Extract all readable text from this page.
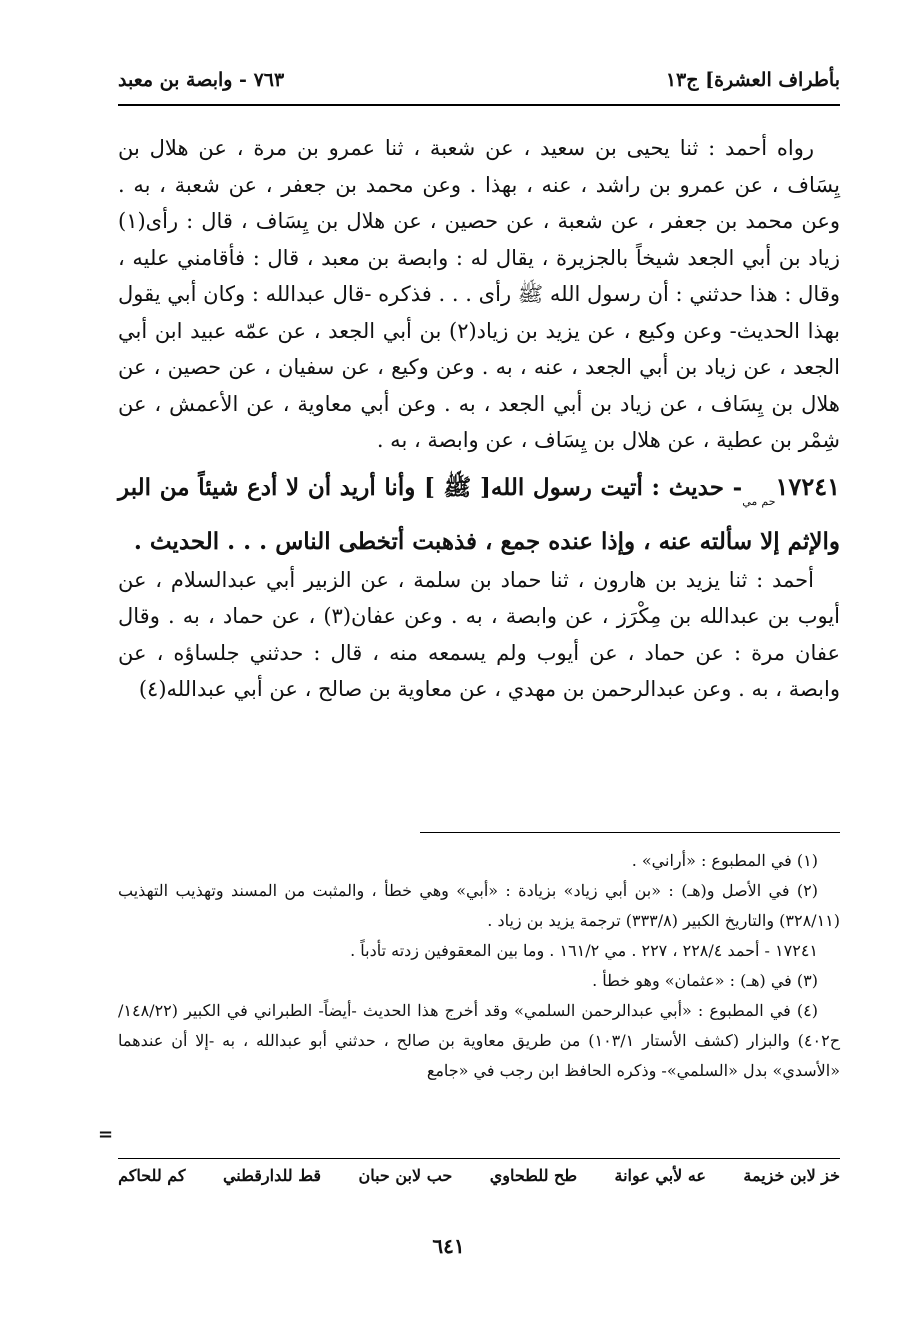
بأطراف العشرة] ج١٣
٧٦٣ - وابصة بن معبد

رواه أحمد : ثنا يحيى بن سعيد ، عن شعبة ، ثنا عمرو بن مرة ، عن هلال بن يِسَاف ، عن عمرو بن راشد ، عنه ، بهذا . وعن محمد بن جعفر ، عن شعبة ، به . وعن محمد بن جعفر ، عن شعبة ، عن حصين ، عن هلال بن يِسَاف ، قال : رأى(١) زياد بن أبي الجعد شيخاً بالجزيرة ، يقال له : وابصة بن معبد ، قال : فأقامني عليه ، وقال : هذا حدثني : أن رسول الله ﷺ رأى . . . فذكره -قال عبدالله : وكان أبي يقول بهذا الحديث- وعن وكيع ، عن يزيد بن زياد(٢) بن أبي الجعد ، عن عمّه عبيد ابن أبي الجعد ، عن زياد بن أبي الجعد ، عنه ، به . وعن وكيع ، عن سفيان ، عن حصين ، عن هلال بن يِسَاف ، عن زياد بن أبي الجعد ، به . وعن أبي معاوية ، عن الأعمش ، عن شِمْر بن عطية ، عن هلال بن يِسَاف ، عن وابصة ، به .

$١٧٢٤١_{حم مي}-$ حديث : أتيت رسول الله[ ﷺ ] وأنا أريد أن لا أدع شيئاً من البر والإثم إلا سألته عنه ، وإذا عنده جمع ، فذهبت أتخطى الناس . . . الحديث .

أحمد : ثنا يزيد بن هارون ، ثنا حماد بن سلمة ، عن الزبير أبي عبدالسلام ، عن أيوب بن عبدالله بن مِكْرَز ، عن وابصة ، به . وعن عفان(٣) ، عن حماد ، به . وقال عفان مرة : عن حماد ، عن أيوب ولم يسمعه منه ، قال : حدثني جلساؤه ، عن وابصة ، به . وعن عبدالرحمن بن مهدي ، عن معاوية بن صالح ، عن أبي عبدالله(٤)

(١) في المطبوع : «أراني» .

(٢) في الأصل و(هـ) : «بن أبي زياد» بزيادة : «أبي» وهي خطأ ، والمثبت من المسند وتهذيب التهذيب (٣٢٨/١١) والتاريخ الكبير (٣٣٣/٨) ترجمة يزيد بن زياد .

١٧٢٤١ - أحمد ٢٢٨/٤ ، ٢٢٧ . مي ١٦١/٢ . وما بين المعقوفين زدته تأدباً .

(٣) في (هـ) : «عثمان» وهو خطأ .

(٤) في المطبوع : «أبي عبدالرحمن السلمي» وقد أخرج هذا الحديث -أيضاً- الطبراني في الكبير (١٤٨/٢٢/ح٤٠٢) والبزار (كشف الأستار ١٠٣/١) من طريق معاوية بن صالح ، حدثني أبو عبدالله ، به -إلا أن عندهما «الأسدي» بدل «السلمي»- وذكره الحافظ ابن رجب في «جامع

=
خز لابن خزيمة
عه لأبي عوانة
طح للطحاوي
حب لابن حبان
قط للدارقطني
كم للحاكم
٦٤١
